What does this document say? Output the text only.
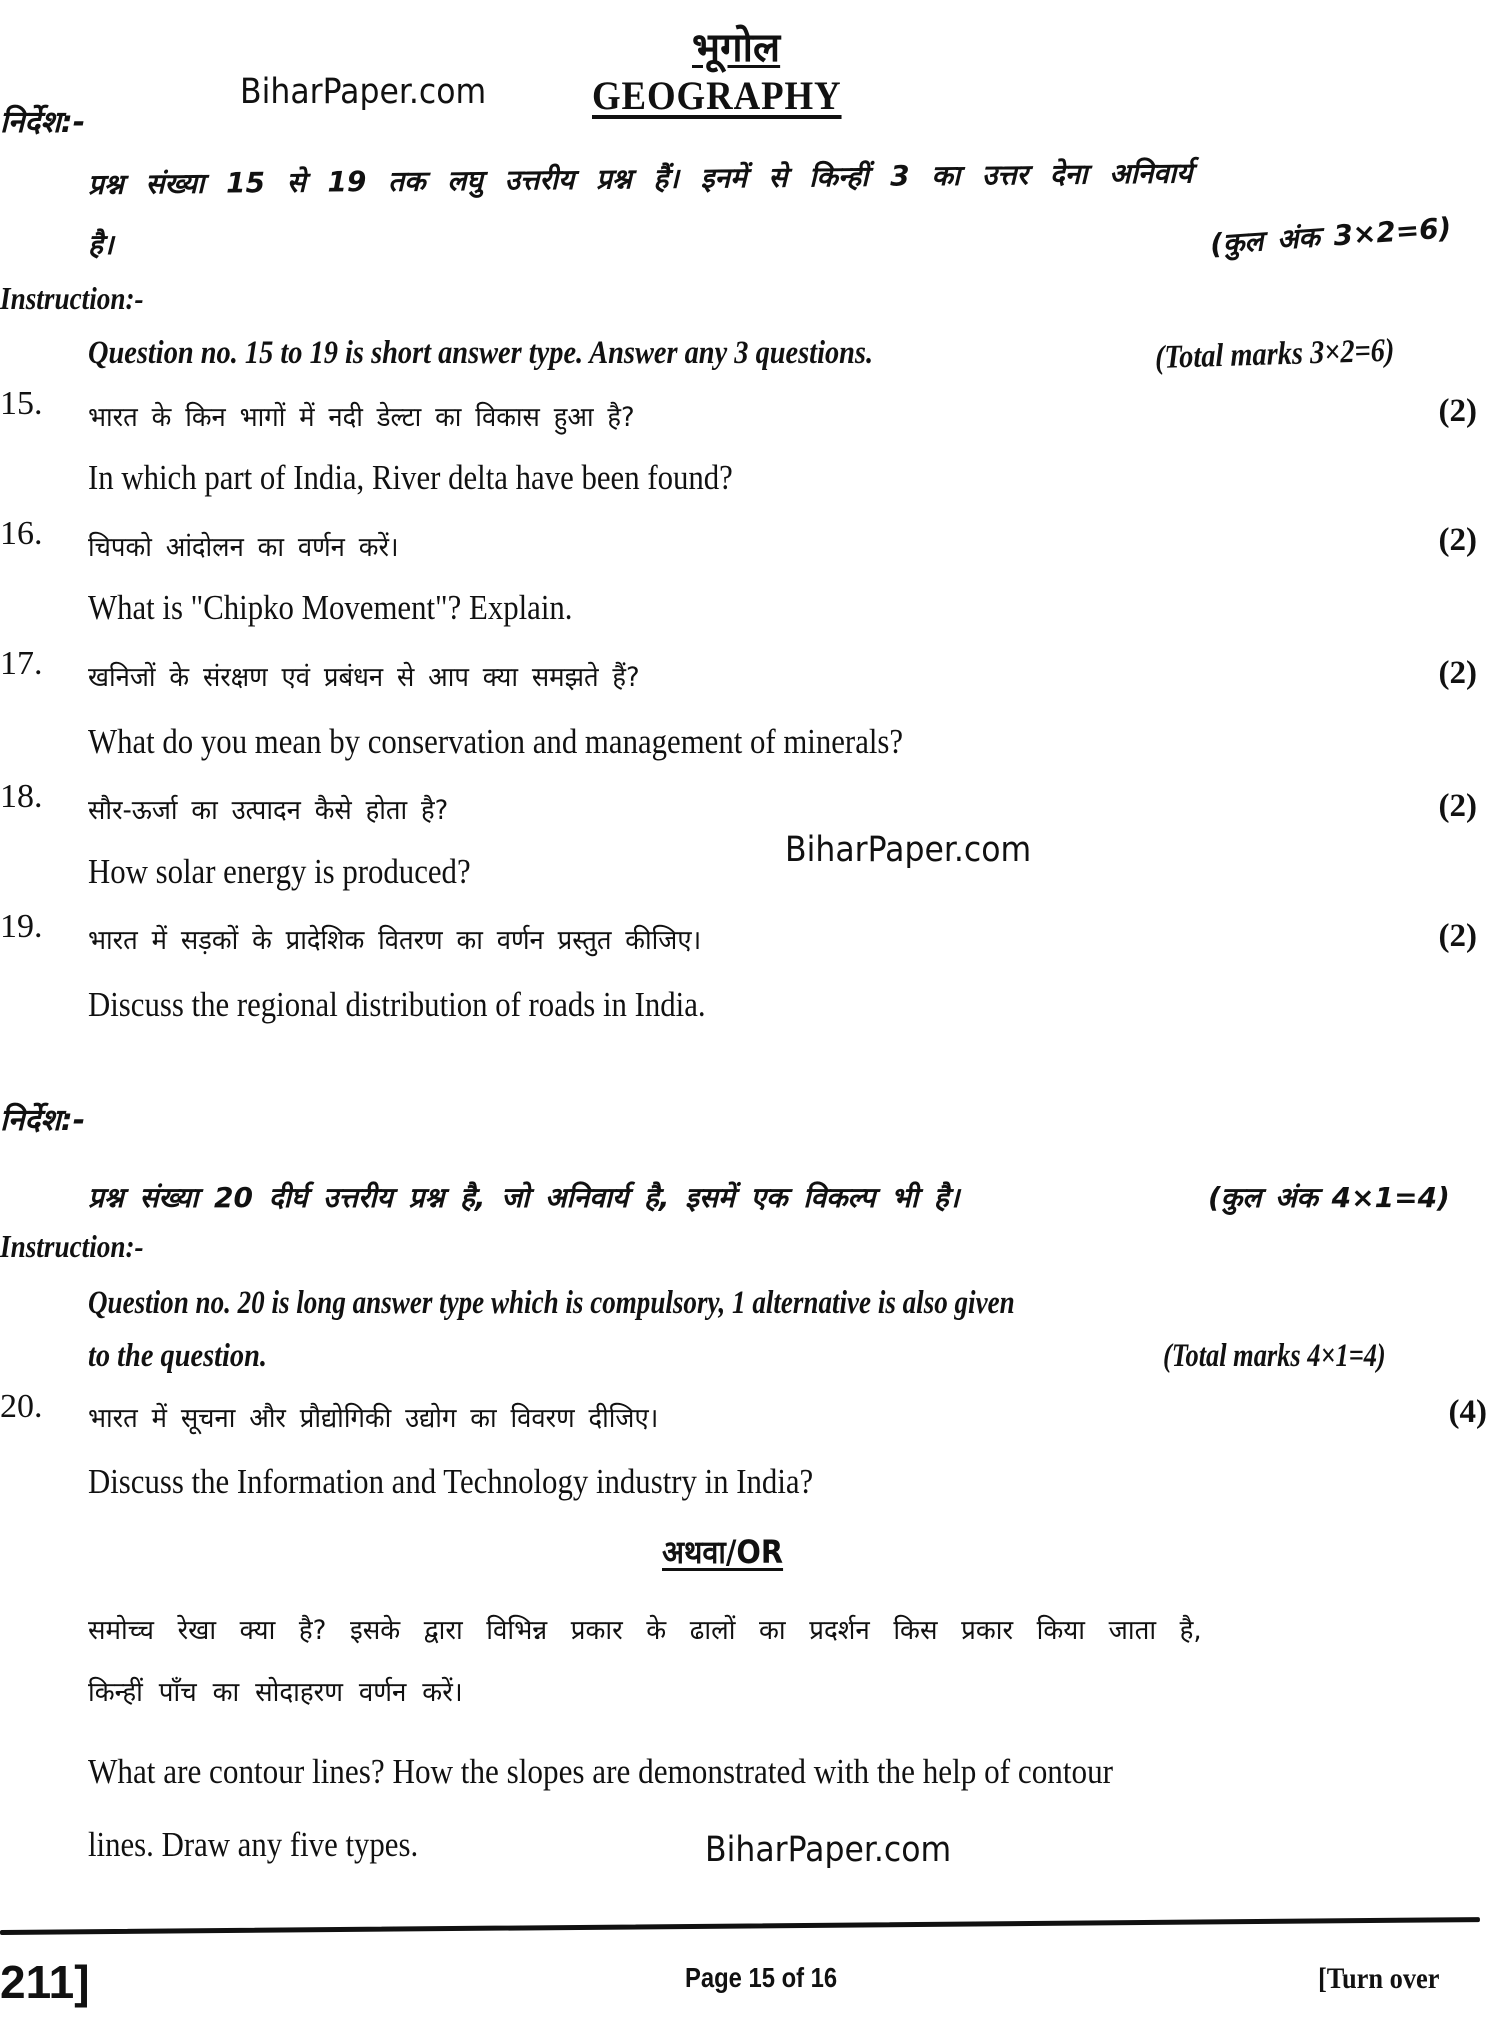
भूगोल
BiharPaper.com	GEOGRAPHY
निर्देश:-
प्रश्न संख्या 15 से 19 तक लघु उत्तरीय प्रश्न हैं। इनमें से किन्हीं 3 का उत्तर देना अनिवार्य
है।	(कुल अंक 3×2=6)
Instruction:-
Question no. 15 to 19 is short answer type. Answer any 3 questions.	(Total marks 3×2=6)
15. भारत के किन भागों में नदी डेल्टा का विकास हुआ है?	(2)
In which part of India, River delta have been found?
16. चिपको आंदोलन का वर्णन करें।	(2)
What is "Chipko Movement"? Explain.
17. खनिजों के संरक्षण एवं प्रबंधन से आप क्या समझते हैं?	(2)
What do you mean by conservation and management of minerals?
18. सौर-ऊर्जा का उत्पादन कैसे होता है?	(2)
How solar energy is produced?
BiharPaper.com
19. भारत में सड़कों के प्रादेशिक वितरण का वर्णन प्रस्तुत कीजिए।	(2)
Discuss the regional distribution of roads in India.
निर्देश:-
प्रश्न संख्या 20 दीर्घ उत्तरीय प्रश्न है, जो अनिवार्य है, इसमें एक विकल्प भी है।	(कुल अंक 4×1=4)
Instruction:-
Question no. 20 is long answer type which is compulsory, 1 alternative is also given
to the question.	(Total marks 4×1=4)
20. भारत में सूचना और प्रौद्योगिकी उद्योग का विवरण दीजिए।	(4)
Discuss the Information and Technology industry in India?
अथवा/OR
समोच्च रेखा क्या है? इसके द्वारा विभिन्न प्रकार के ढालों का प्रदर्शन किस प्रकार किया जाता है,
किन्हीं पाँच का सोदाहरण वर्णन करें।
What are contour lines? How the slopes are demonstrated with the help of contour
lines. Draw any five types.	BiharPaper.com
211]	Page 15 of 16	[Turn over
